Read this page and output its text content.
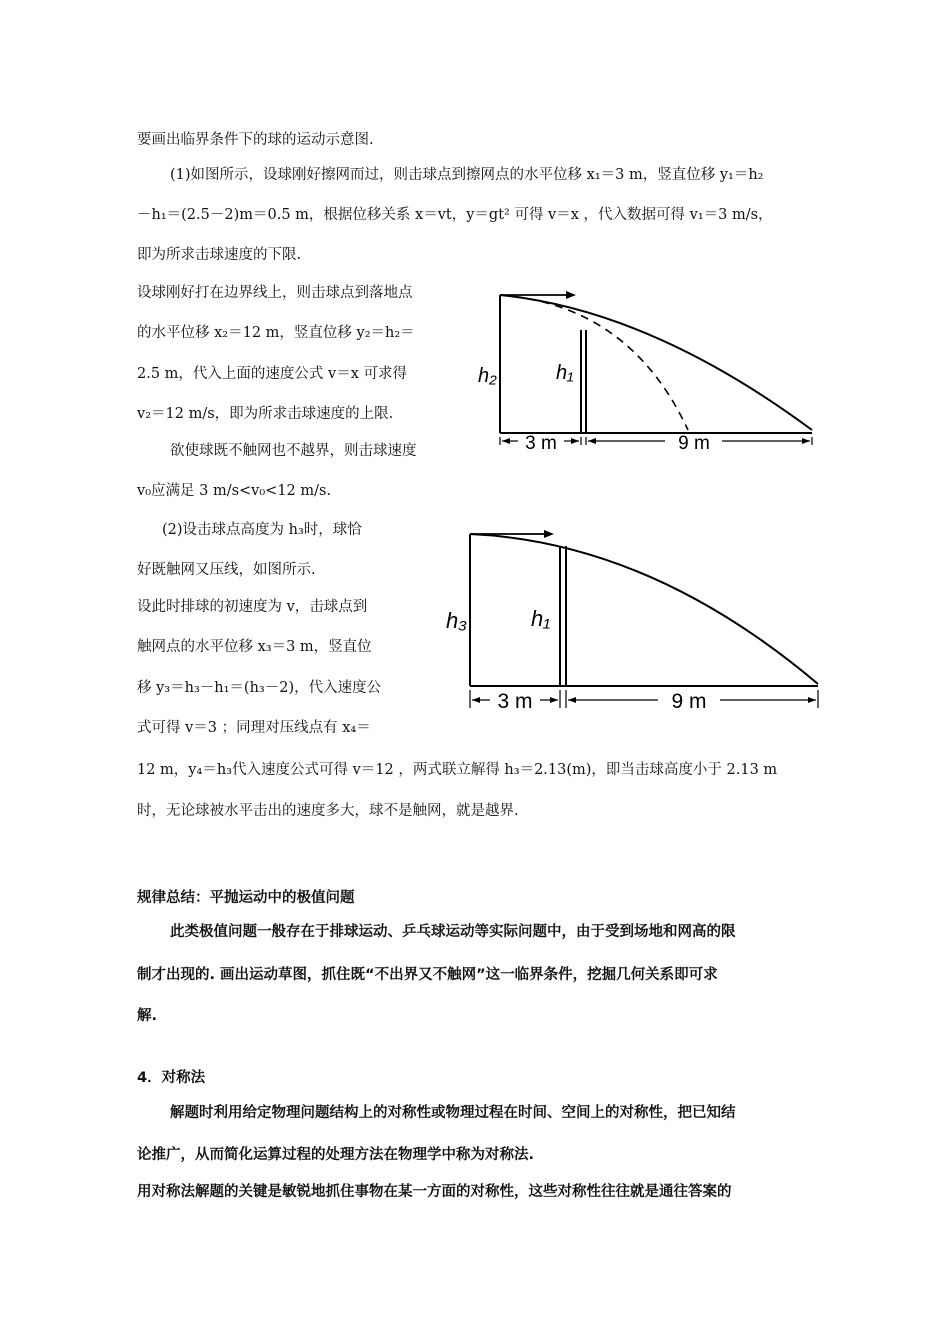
要画出临界条件下的球的运动示意图.
(1)如图所示，设球刚好擦网而过，则击球点到擦网点的水平位移 x₁＝3 m，竖直位移 y₁＝h₂
－h₁＝(2.5－2)m＝0.5 m，根据位移关系 x＝vt，y＝gt² 可得 v＝x ，代入数据可得 v₁＝3 m/s，
即为所求击球速度的下限.
设球刚好打在边界线上，则击球点到落地点
的水平位移 x₂＝12 m，竖直位移 y₂＝h₂＝
2.5 m，代入上面的速度公式 v＝x 可求得
v₂＝12 m/s，即为所求击球速度的上限.
欲使球既不触网也不越界，则击球速度
v₀应满足 3 m/s<v₀<12 m/s.
h₂	h₁
3 m	9 m
(2)设击球点高度为 h₃时，球恰
好既触网又压线，如图所示.
设此时排球的初速度为 v，击球点到
触网点的水平位移 x₃＝3 m，竖直位
移 y₃＝h₃－h₁＝(h₃－2)，代入速度公
式可得 v＝3 ；同理对压线点有 x₄＝
12 m，y₄＝h₃代入速度公式可得 v＝12 ，两式联立解得 h₃＝2.13(m)，即当击球高度小于 2.13 m
时，无论球被水平击出的速度多大，球不是触网，就是越界.
h₃	h₁
3 m	9 m
规律总结：平抛运动中的极值问题
此类极值问题一般存在于排球运动、乒乓球运动等实际问题中，由于受到场地和网高的限
制才出现的. 画出运动草图，抓住既“不出界又不触网”这一临界条件，挖掘几何关系即可求
解.
4．对称法
解题时利用给定物理问题结构上的对称性或物理过程在时间、空间上的对称性，把已知结
论推广，从而简化运算过程的处理方法在物理学中称为对称法.
用对称法解题的关键是敏锐地抓住事物在某一方面的对称性，这些对称性往往就是通往答案的
